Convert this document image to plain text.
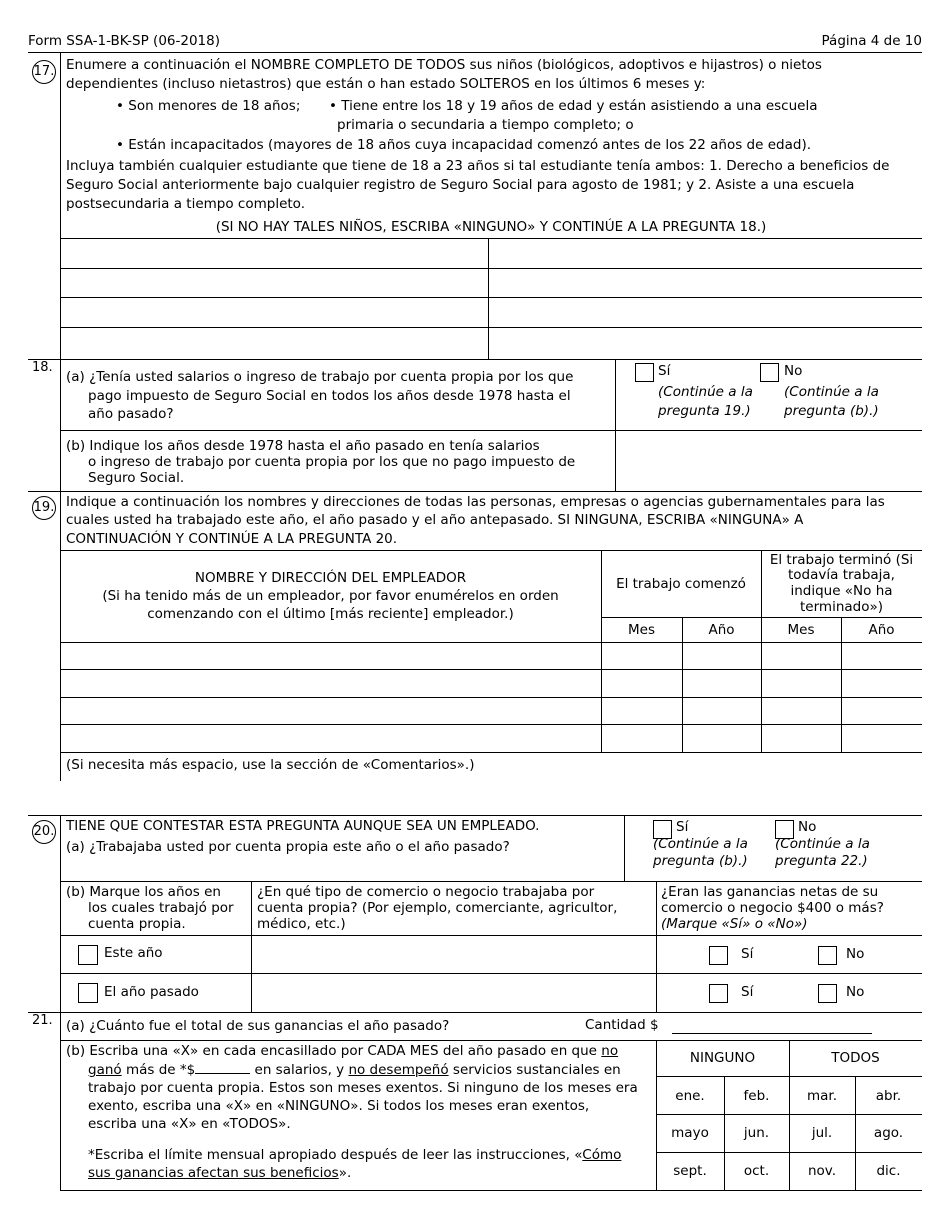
Form SSA-1-BK-SP (06-2018)	Página 4 de 10
17. Enumere a continuación el NOMBRE COMPLETO DE TODOS sus niños (biológicos, adoptivos e hijastros) o nietos
dependientes (incluso nietastros) que están o han estado SOLTEROS en los últimos 6 meses y:
• Son menores de 18 años; • Tiene entre los 18 y 19 años de edad y están asistiendo a una escuela
primaria o secundaria a tiempo completo; o
• Están incapacitados (mayores de 18 años cuya incapacidad comenzó antes de los 22 años de edad).
Incluya también cualquier estudiante que tiene de 18 a 23 años si tal estudiante tenía ambos: 1. Derecho a beneficios de
Seguro Social anteriormente bajo cualquier registro de Seguro Social para agosto de 1981; y 2. Asiste a una escuela
postsecundaria a tiempo completo.
(SI NO HAY TALES NIÑOS, ESCRIBA «NINGUNO» Y CONTINÚE A LA PREGUNTA 18.)
18.
(a) ¿Tenía usted salarios o ingreso de trabajo por cuenta propia por los que
pago impuesto de Seguro Social en todos los años desde 1978 hasta el
año pasado?
Sí
(Continúe a la
pregunta 19.)
No
(Continúe a la
pregunta (b).)
(b) Indique los años desde 1978 hasta el año pasado en tenía salarios
o ingreso de trabajo por cuenta propia por los que no pago impuesto de
Seguro Social.
19. Indique a continuación los nombres y direcciones de todas las personas, empresas o agencias gubernamentales para las
cuales usted ha trabajado este año, el año pasado y el año antepasado. SI NINGUNA, ESCRIBA «NINGUNA» A
CONTINUACIÓN Y CONTINÚE A LA PREGUNTA 20.
NOMBRE Y DIRECCIÓN DEL EMPLEADOR
(Si ha tenido más de un empleador, por favor enumérelos en orden
comenzando con el último [más reciente] empleador.)
El trabajo comenzó
El trabajo terminó (Si
todavía trabaja,
indique «No ha
terminado»)
Mes	Año	Mes	Año
(Si necesita más espacio, use la sección de «Comentarios».)
20. TIENE QUE CONTESTAR ESTA PREGUNTA AUNQUE SEA UN EMPLEADO.
(a) ¿Trabajaba usted por cuenta propia este año o el año pasado?
Sí
(Continúe a la
pregunta (b).)
No
(Continúe a la
pregunta 22.)
(b) Marque los años en
los cuales trabajó por
cuenta propia.
¿En qué tipo de comercio o negocio trabajaba por
cuenta propia? (Por ejemplo, comerciante, agricultor,
médico, etc.)
¿Eran las ganancias netas de su
comercio o negocio $400 o más?
(Marque «Sí» o «No»)
Este año	Sí	No
El año pasado	Sí	No
21. (a) ¿Cuánto fue el total de sus ganancias el año pasado?	Cantidad $
(b) Escriba una «X» en cada encasillado por CADA MES del año pasado en que no
ganó más de *$	en salarios, y no desempeñó servicios sustanciales en
trabajo por cuenta propia. Estos son meses exentos. Si ninguno de los meses era
exento, escriba una «X» en «NINGUNO». Si todos los meses eran exentos,
escriba una «X» en «TODOS».
*Escriba el límite mensual apropiado después de leer las instrucciones, «Cómo
sus ganancias afectan sus beneficios».
NINGUNO	TODOS
ene.	feb.	mar.	abr.
mayo	jun.	jul.	ago.
sept.	oct.	nov.	dic.
